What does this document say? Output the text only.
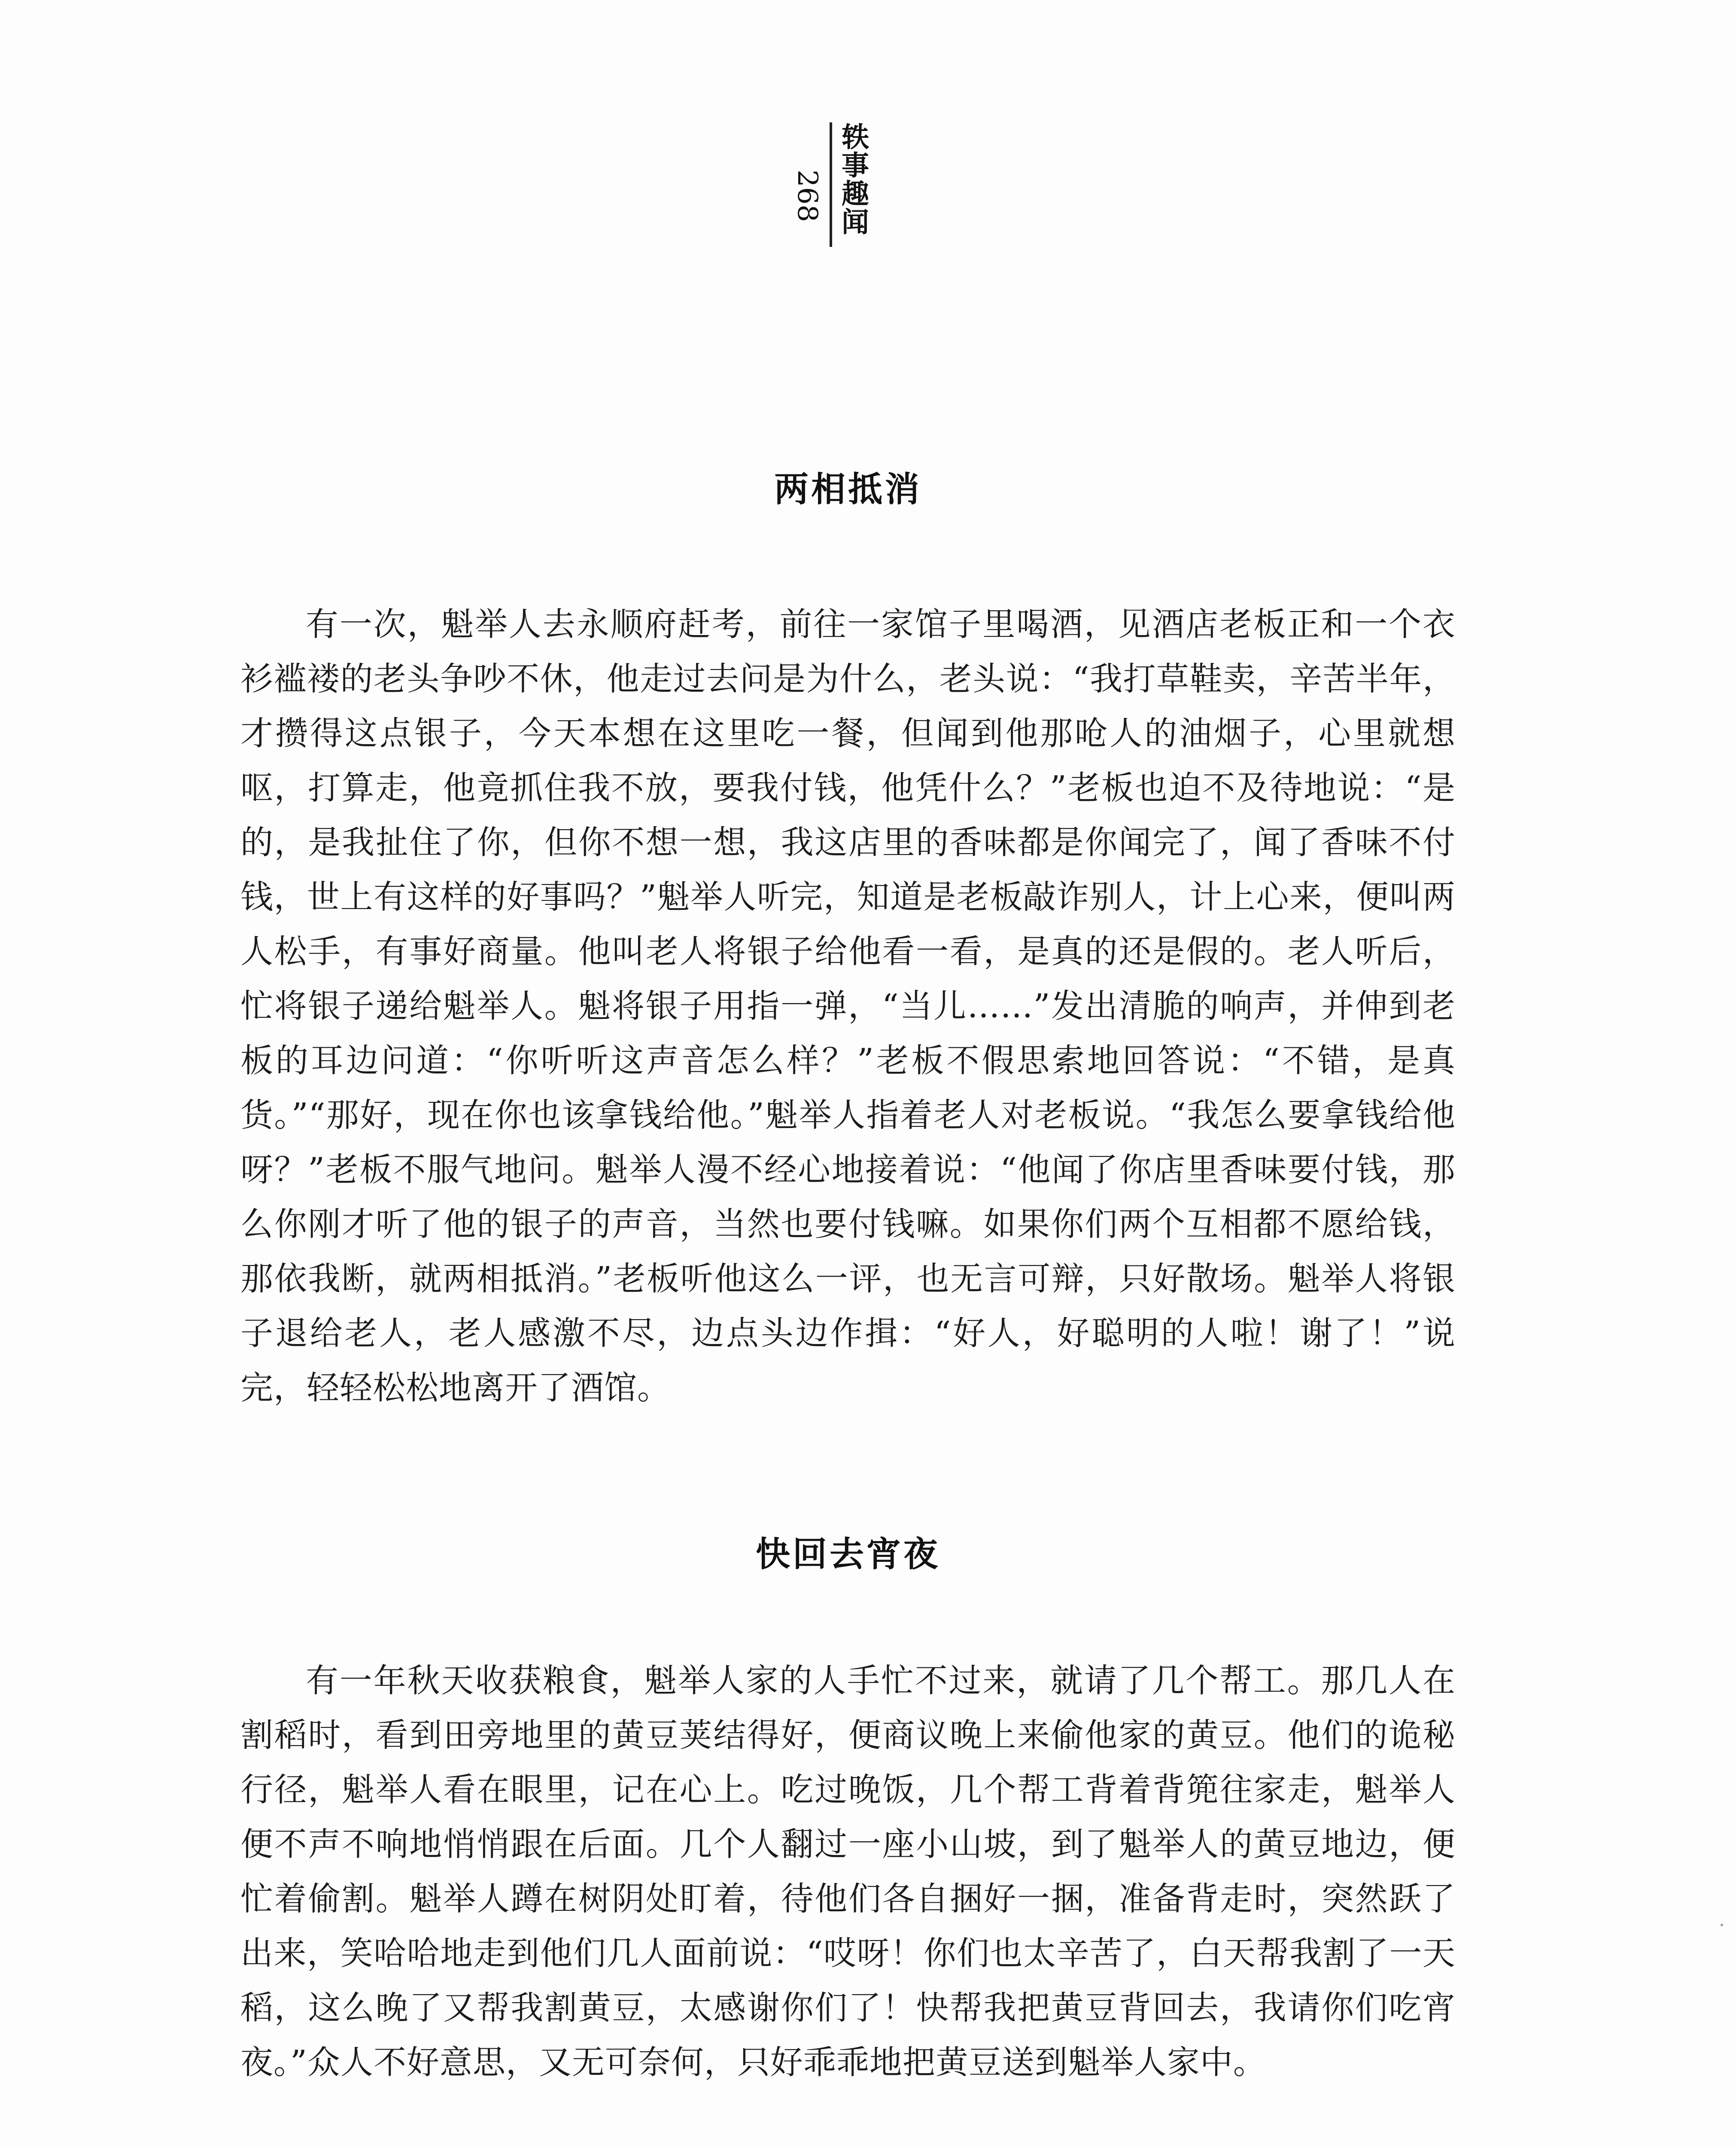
268 轶事趣闻
两相抵消

有一次，魁举人去永顺府赶考，前往一家馆子里喝酒，见酒店老板正和一个衣衫褴褛的老头争吵不休，他走过去问是为什么，老头说：“我打草鞋卖，辛苦半年，才攒得这点银子，今天本想在这里吃一餐，但闻到他那呛人的油烟子，心里就想呕，打算走，他竟抓住我不放，要我付钱，他凭什么？”老板也迫不及待地说：“是的，是我扯住了你，但你不想一想，我这店里的香味都是你闻完了，闻了香味不付钱，世上有这样的好事吗？”魁举人听完，知道是老板敲诈别人，计上心来，便叫两人松手，有事好商量。他叫老人将银子给他看一看，是真的还是假的。老人听后，忙将银子递给魁举人。魁将银子用指一弹，“当儿……”发出清脆的响声，并伸到老板的耳边问道：“你听听这声音怎么样？”老板不假思索地回答说：“不错，是真货。”“那好，现在你也该拿钱给他。”魁举人指着老人对老板说。“我怎么要拿钱给他呀？”老板不服气地问。魁举人漫不经心地接着说：“他闻了你店里香味要付钱，那么你刚才听了他的银子的声音，当然也要付钱嘛。如果你们两个互相都不愿给钱，那依我断，就两相抵消。”老板听他这么一评，也无言可辩，只好散场。魁举人将银子退给老人，老人感激不尽，边点头边作揖：“好人，好聪明的人啦！谢了！”说完，轻轻松松地离开了酒馆。

快回去宵夜

有一年秋天收获粮食，魁举人家的人手忙不过来，就请了几个帮工。那几人在割稻时，看到田旁地里的黄豆荚结得好，便商议晚上来偷他家的黄豆。他们的诡秘行径，魁举人看在眼里，记在心上。吃过晚饭，几个帮工背着背篼往家走，魁举人便不声不响地悄悄跟在后面。几个人翻过一座小山坡，到了魁举人的黄豆地边，便忙着偷割。魁举人蹲在树阴处盯着，待他们各自捆好一捆，准备背走时，突然跃了出来，笑哈哈地走到他们几人面前说：“哎呀！你们也太辛苦了，白天帮我割了一天稻，这么晚了又帮我割黄豆，太感谢你们了！快帮我把黄豆背回去，我请你们吃宵夜。”众人不好意思，又无可奈何，只好乖乖地把黄豆送到魁举人家中。
